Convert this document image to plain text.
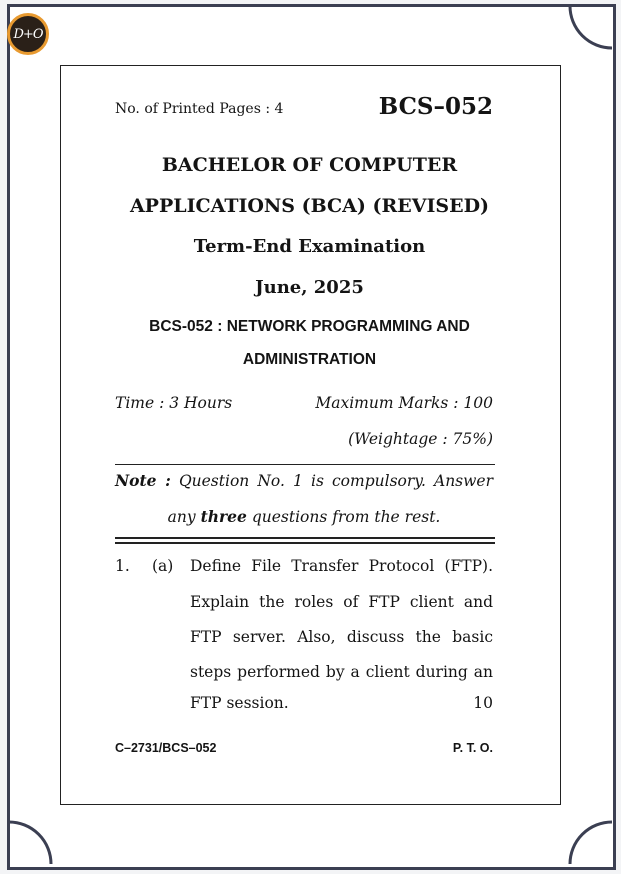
D+O
No. of Printed Pages : 4	BCS–052
BACHELOR OF COMPUTER
APPLICATIONS (BCA) (REVISED)
Term-End Examination
June, 2025
BCS-052 : NETWORK PROGRAMMING AND
ADMINISTRATION
Time : 3 Hours	Maximum Marks : 100
(Weightage : 75%)
Note : Question No. 1 is compulsory. Answer
any three questions from the rest.
1. (a) Define File Transfer Protocol (FTP).
Explain the roles of FTP client and
FTP server. Also, discuss the basic
steps performed by a client during an
FTP session.	10
C–2731/BCS–052	P. T. O.
